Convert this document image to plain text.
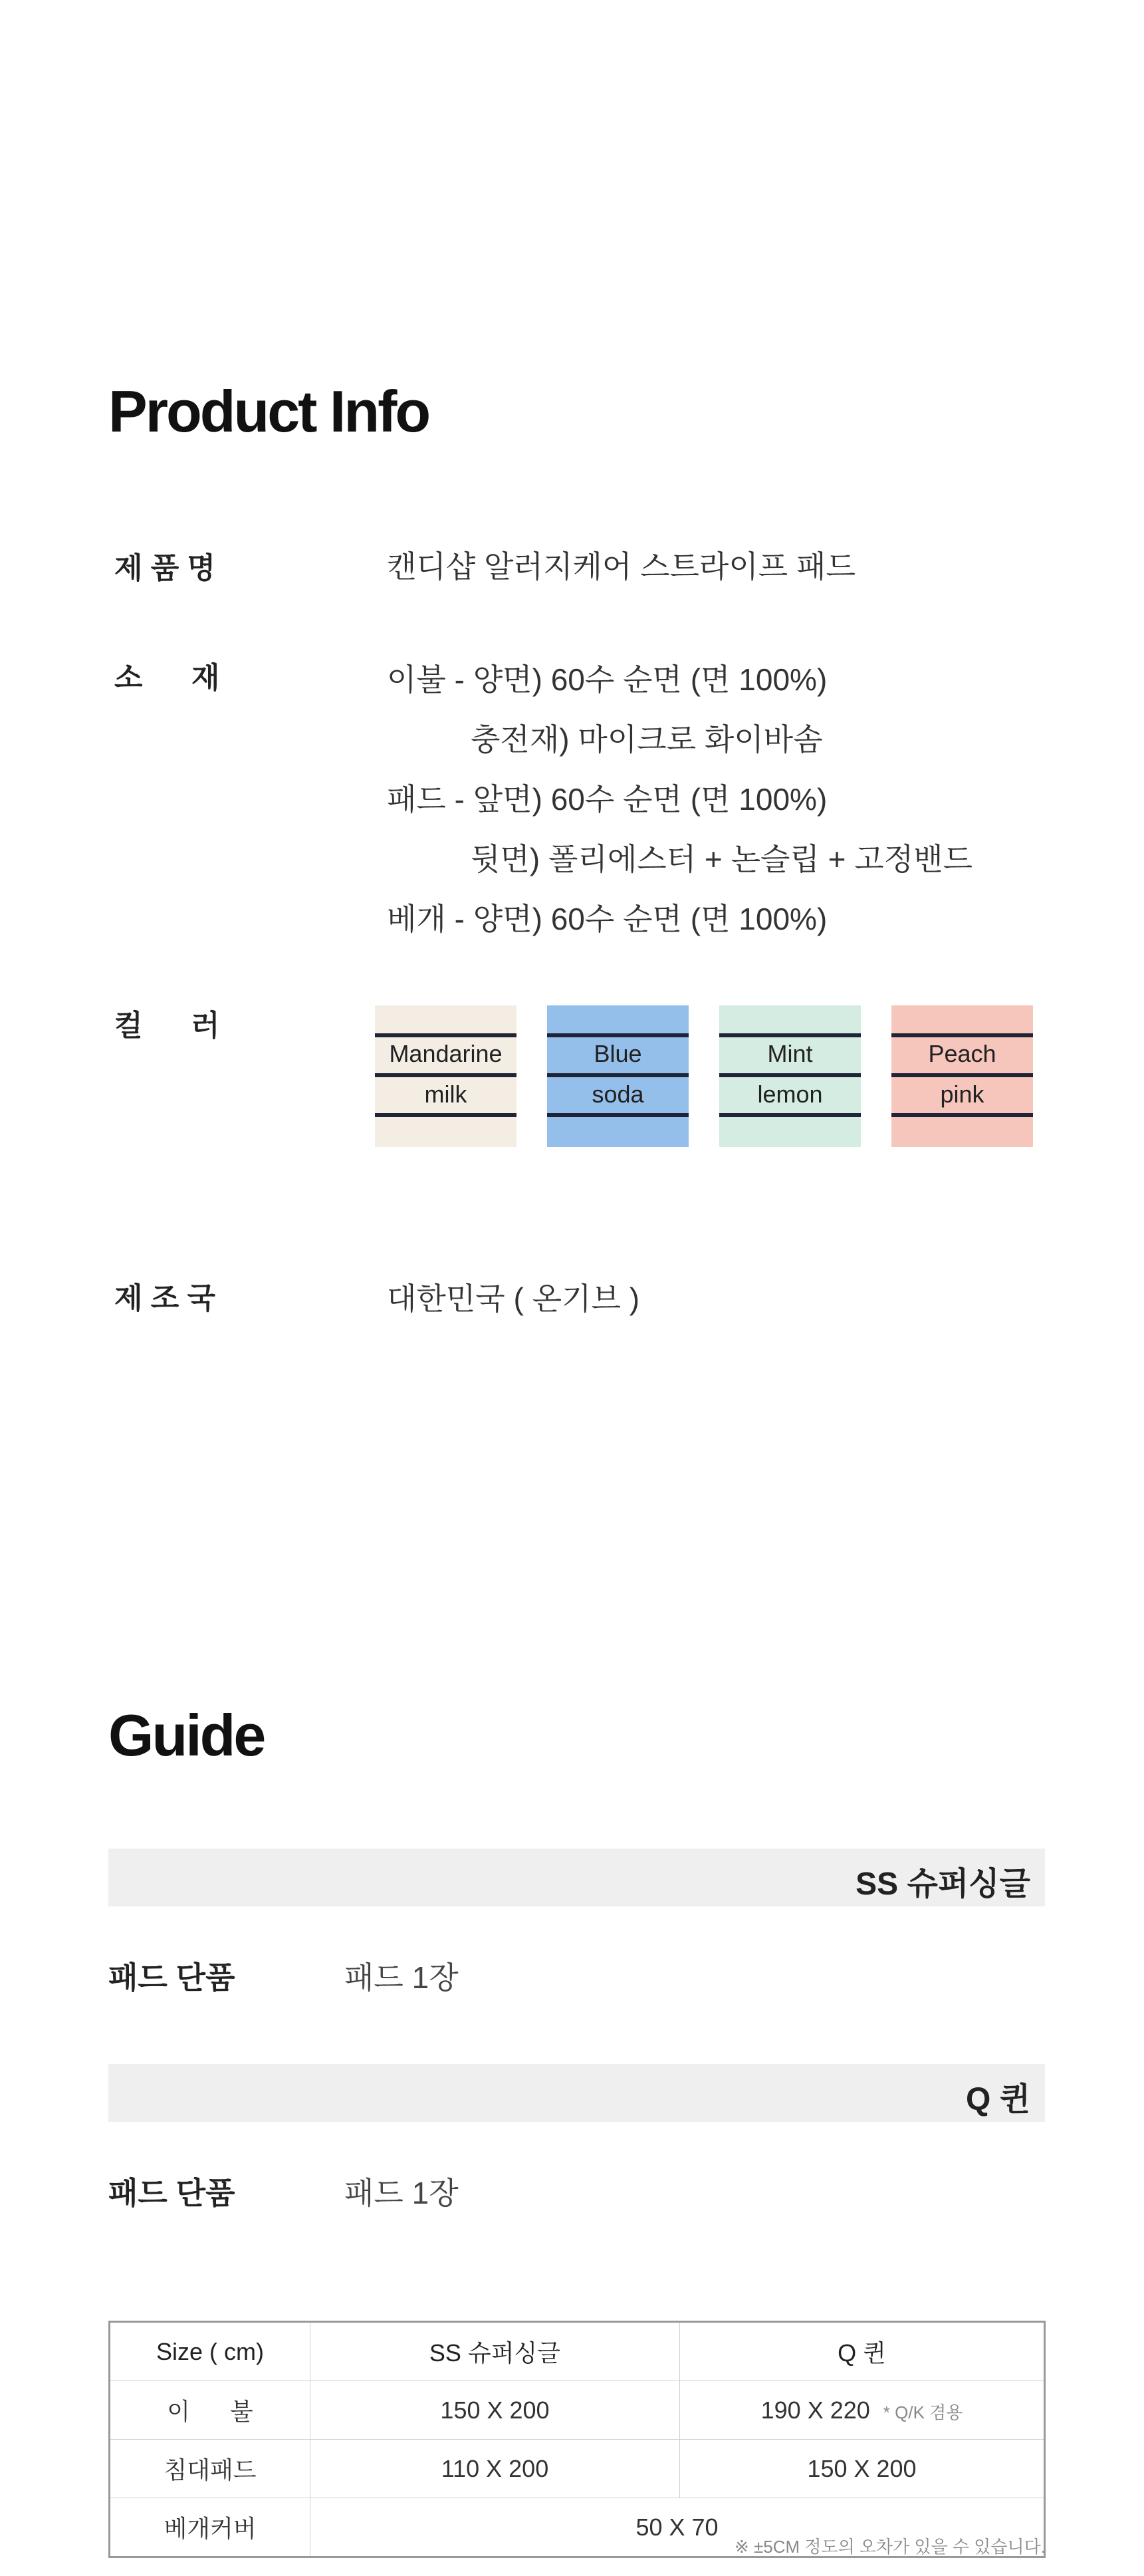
Product Info
제 품 명	캔디샵 알러지케어 스트라이프 패드
소      재	이불 - 양면) 60수 순면 (면 100%)
충전재) 마이크로 화이바솜
패드 - 앞면) 60수 순면 (면 100%)
뒷면) 폴리에스터 + 논슬립 + 고정밴드
베개 - 양면) 60수 순면 (면 100%)
컬      러
Mandarine
milk
Blue
soda
Mint
lemon
Peach
pink
제 조 국	대한민국 ( 온기브 )
Guide
SS 슈퍼싱글
패드 단품	패드 1장
Q 퀸
패드 단품	패드 1장
Size ( cm)	SS 슈퍼싱글	Q 퀸
이      불	150 X 200	190 X 220 * Q/K 겸용
침대패드	110 X 200	150 X 200
베개커버	50 X 70	
※ ±5CM 정도의 오차가 있을 수 있습니다.
